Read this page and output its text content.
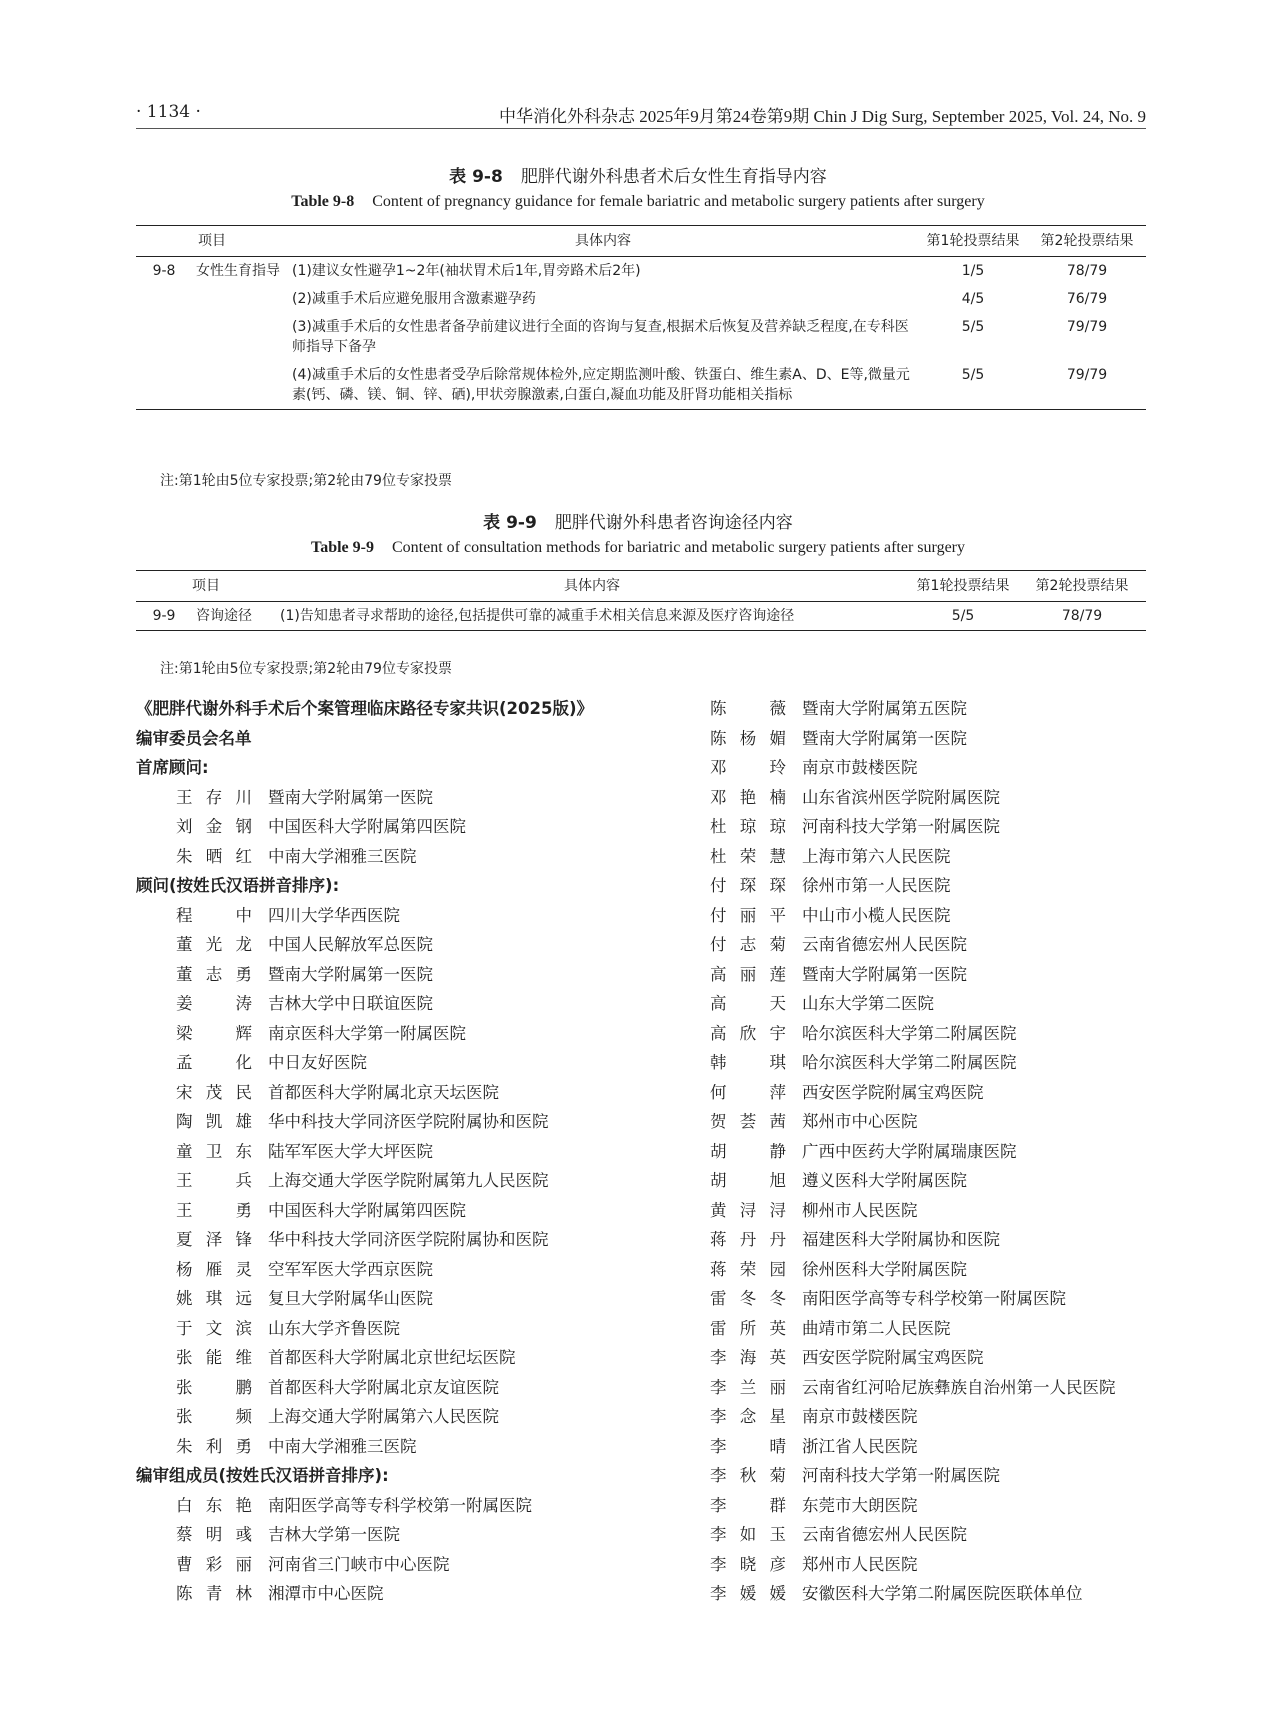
· 1134 ·	中华消化外科杂志 2025年9月第24卷第9期 Chin J Dig Surg, September 2025, Vol. 24, No. 9
表 9-8 肥胖代谢外科患者术后女性生育指导内容
Table 9-8 Content of pregnancy guidance for female bariatric and metabolic surgery patients after surgery
项目		具体内容	第1轮投票结果	第2轮投票结果
9-8	女性生育指导	(1)建议女性避孕1~2年(袖状胃术后1年,胃旁路术后2年)	1/5	78/79
		(2)减重手术后应避免服用含激素避孕药	4/5	76/79
		(3)减重手术后的女性患者备孕前建议进行全面的咨询与复查,根据术后恢复及营养缺乏程度,在专科医师指导下备孕	5/5	79/79
		(4)减重手术后的女性患者受孕后除常规体检外,应定期监测叶酸、铁蛋白、维生素A、D、E等,微量元素(钙、磷、镁、铜、锌、硒),甲状旁腺激素,白蛋白,凝血功能及肝肾功能相关指标	5/5	79/79
注:第1轮由5位专家投票;第2轮由79位专家投票
表 9-9 肥胖代谢外科患者咨询途径内容
Table 9-9 Content of consultation methods for bariatric and metabolic surgery patients after surgery
项目		具体内容	第1轮投票结果	第2轮投票结果
9-9	咨询途径	(1)告知患者寻求帮助的途径,包括提供可靠的减重手术相关信息来源及医疗咨询途径	5/5	78/79
注:第1轮由5位专家投票;第2轮由79位专家投票
《肥胖代谢外科手术后个案管理临床路径专家共识(2025版)》
编审委员会名单
首席顾问:
王存川 暨南大学附属第一医院
刘金钢 中国医科大学附属第四医院
朱晒红 中南大学湘雅三医院
顾问(按姓氏汉语拼音排序):
程中 四川大学华西医院
董光龙 中国人民解放军总医院
董志勇 暨南大学附属第一医院
姜涛 吉林大学中日联谊医院
梁辉 南京医科大学第一附属医院
孟化 中日友好医院
宋茂民 首都医科大学附属北京天坛医院
陶凯雄 华中科技大学同济医学院附属协和医院
童卫东 陆军军医大学大坪医院
王兵 上海交通大学医学院附属第九人民医院
王勇 中国医科大学附属第四医院
夏泽锋 华中科技大学同济医学院附属协和医院
杨雁灵 空军军医大学西京医院
姚琪远 复旦大学附属华山医院
于文滨 山东大学齐鲁医院
张能维 首都医科大学附属北京世纪坛医院
张鹏 首都医科大学附属北京友谊医院
张频 上海交通大学附属第六人民医院
朱利勇 中南大学湘雅三医院
编审组成员(按姓氏汉语拼音排序):
白东艳 南阳医学高等专科学校第一附属医院
蔡明彧 吉林大学第一医院
曹彩丽 河南省三门峡市中心医院
陈青林 湘潭市中心医院
陈薇 暨南大学附属第五医院
陈杨媚 暨南大学附属第一医院
邓玲 南京市鼓楼医院
邓艳楠 山东省滨州医学院附属医院
杜琼琼 河南科技大学第一附属医院
杜荣慧 上海市第六人民医院
付琛琛 徐州市第一人民医院
付丽平 中山市小榄人民医院
付志菊 云南省德宏州人民医院
高丽莲 暨南大学附属第一医院
高天 山东大学第二医院
高欣宇 哈尔滨医科大学第二附属医院
韩琪 哈尔滨医科大学第二附属医院
何萍 西安医学院附属宝鸡医院
贺荟茜 郑州市中心医院
胡静 广西中医药大学附属瑞康医院
胡旭 遵义医科大学附属医院
黄浔浔 柳州市人民医院
蒋丹丹 福建医科大学附属协和医院
蒋荣园 徐州医科大学附属医院
雷冬冬 南阳医学高等专科学校第一附属医院
雷所英 曲靖市第二人民医院
李海英 西安医学院附属宝鸡医院
李兰丽 云南省红河哈尼族彝族自治州第一人民医院
李念星 南京市鼓楼医院
李晴 浙江省人民医院
李秋菊 河南科技大学第一附属医院
李群 东莞市大朗医院
李如玉 云南省德宏州人民医院
李晓彦 郑州市人民医院
李媛媛 安徽医科大学第二附属医院医联体单位
